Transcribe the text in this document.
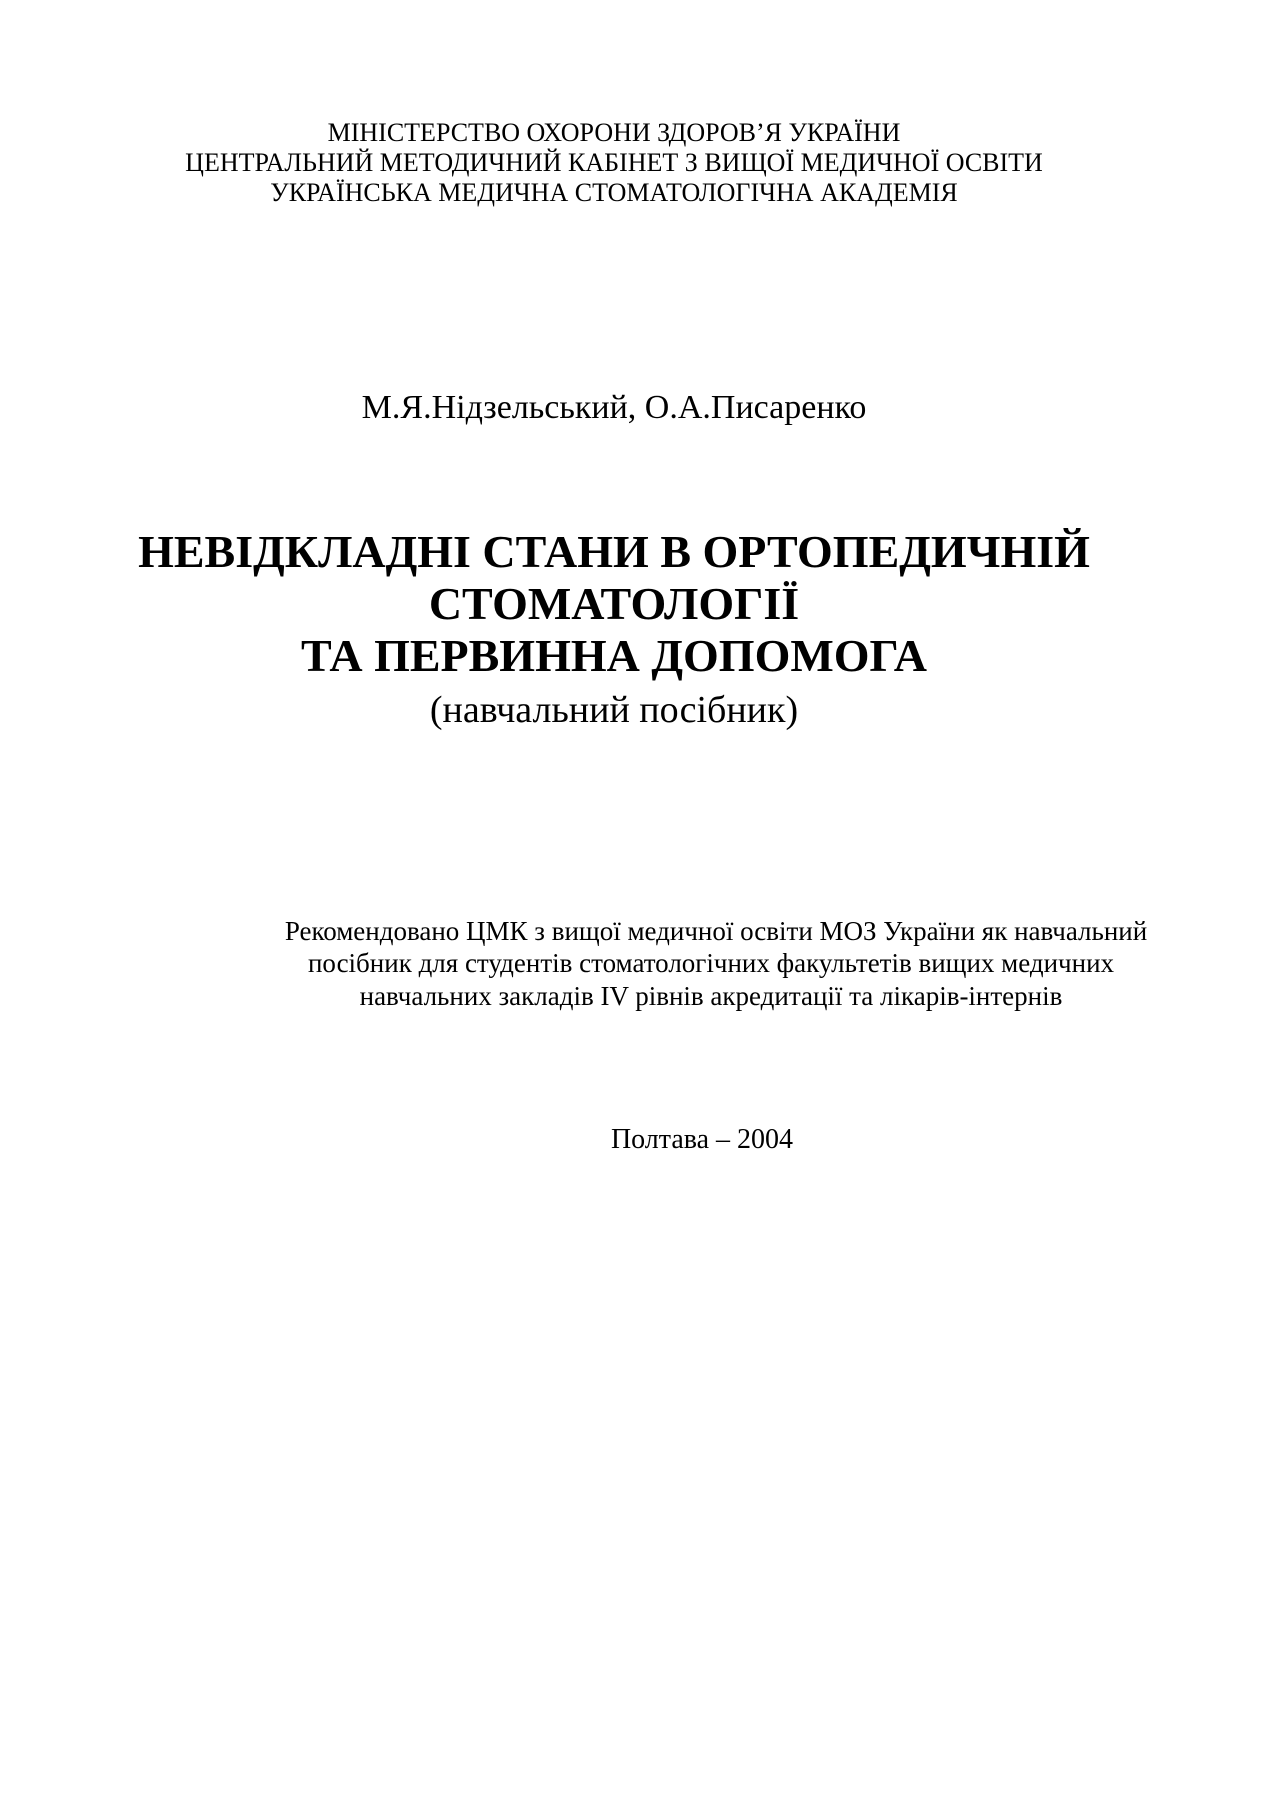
МІНІСТЕРСТВО ОХОРОНИ ЗДОРОВ’Я УКРАЇНИ
ЦЕНТРАЛЬНИЙ МЕТОДИЧНИЙ КАБІНЕТ З ВИЩОЇ МЕДИЧНОЇ ОСВІТИ
УКРАЇНСЬКА МЕДИЧНА СТОМАТОЛОГІЧНА АКАДЕМІЯ
М.Я.Нідзельський, О.А.Писаренко
НЕВІДКЛАДНІ СТАНИ В ОРТОПЕДИЧНІЙ
СТОМАТОЛОГІЇ
ТА ПЕРВИННА ДОПОМОГА
(навчальний посібник)
Рекомендовано ЦМК з вищої медичної освіти МОЗ України як навчальний
посібник для студентів стоматологічних факультетів вищих медичних
навчальних закладів ІV рівнів акредитації та лікарів-інтернів
Полтава – 2004
